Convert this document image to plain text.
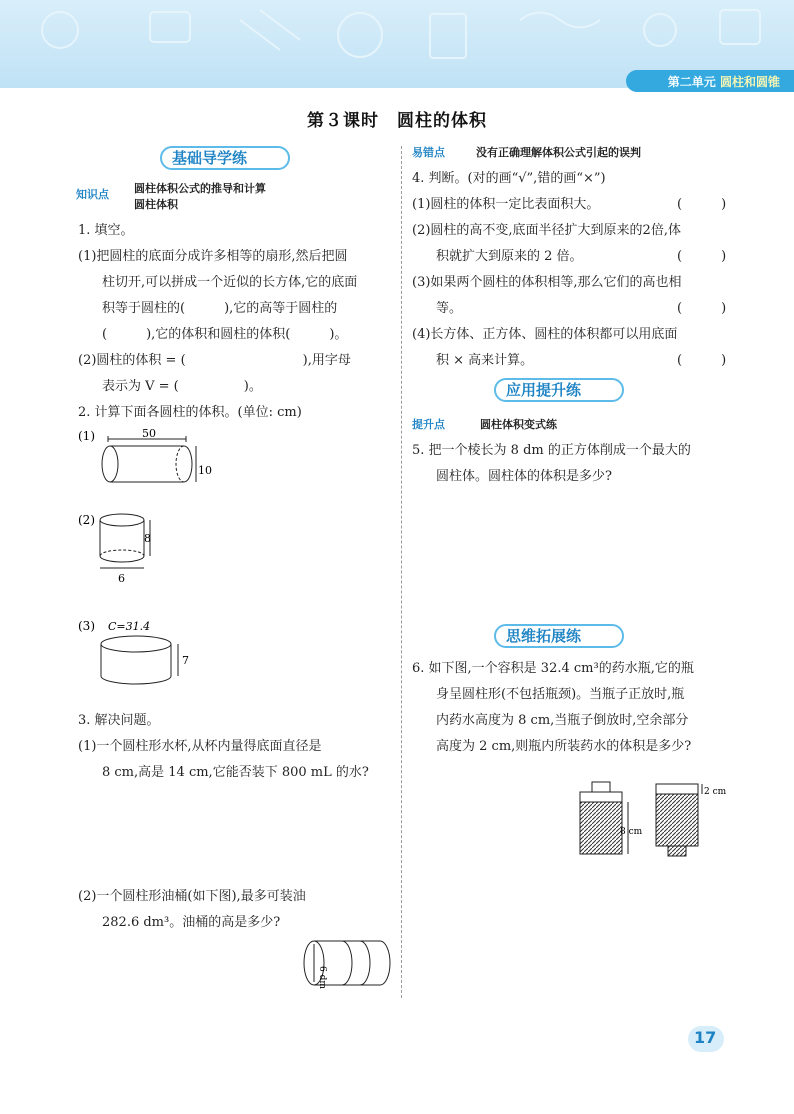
第二单元 圆柱和圆锥
第３课时　圆柱的体积
基础导学练
知识点 圆柱体积公式的推导和计算
圆柱体积
1. 填空。
(1)把圆柱的底面分成许多相等的扇形,然后把圆
柱切开,可以拼成一个近似的长方体,它的底面
积等于圆柱的(　　　),它的高等于圆柱的
(　　　),它的体积和圆柱的体积(　　　)。
(2)圆柱的体积 = (　　　　　　　　　),用字母
表示为 V = (　　　　　)。
2. 计算下面各圆柱的体积。(单位: cm)
(1)	50
10
(2)
8
6
(3) C=31.4
7
3. 解决问题。
(1)一个圆柱形水杯,从杯内量得底面直径是
8 cm,高是 14 cm,它能否装下 800 mL 的水?
(2)一个圆柱形油桶(如下图),最多可装油
282.6 dm³。油桶的高是多少?
6 dm
易错点	没有正确理解体积公式引起的误判
4. 判断。(对的画“√”,错的画“×”)
(1)圆柱的体积一定比表面积大。	(　　　)
(2)圆柱的高不变,底面半径扩大到原来的2倍,体
积就扩大到原来的 2 倍。	(　　　)
(3)如果两个圆柱的体积相等,那么它们的高也相
等。	(　　　)
(4)长方体、正方体、圆柱的体积都可以用底面
积 × 高来计算。	(　　　)
应用提升练
提升点	圆柱体积变式练
5. 把一个棱长为 8 dm 的正方体削成一个最大的
圆柱体。圆柱体的体积是多少?
思维拓展练
6. 如下图,一个容积是 32.4 cm³的药水瓶,它的瓶
身呈圆柱形(不包括瓶颈)。当瓶子正放时,瓶
内药水高度为 8 cm,当瓶子倒放时,空余部分
高度为 2 cm,则瓶内所装药水的体积是多少?
8 cm
2 cm
17
